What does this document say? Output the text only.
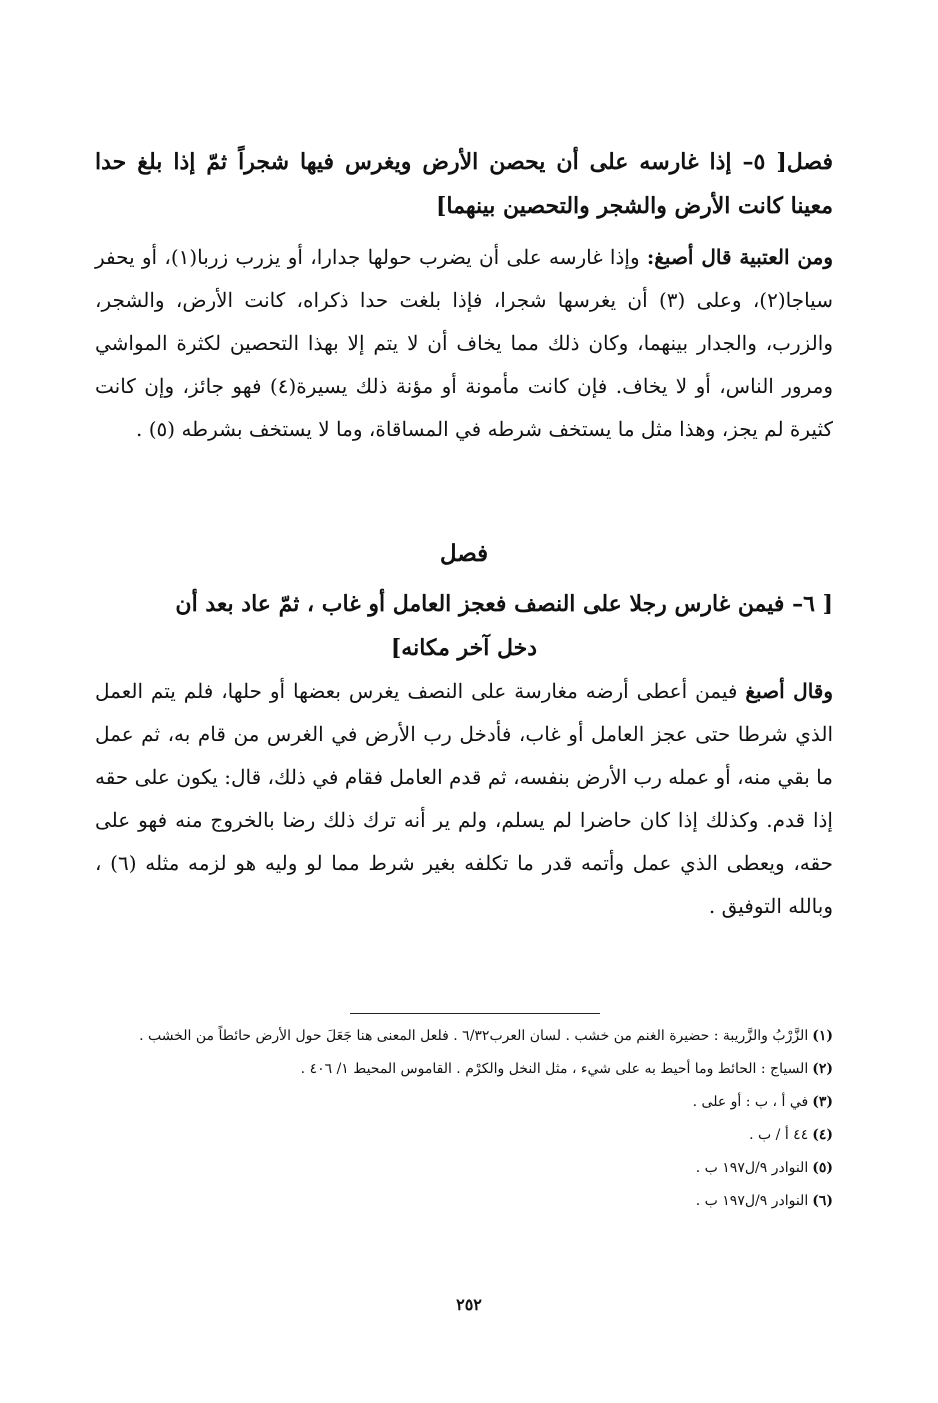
فصل[ ٥– إذا غارسه على أن يحصن الأرض ويغرس فيها شجراً ثمّ إذا بلغ حدا معينا كانت الأرض والشجر والتحصين بينهما]
ومن العتبية قال أصبغ: وإذا غارسه على أن يضرب حولها جدارا، أو يزرب زربا(١)، أو يحفر سياجا(٢)، وعلى (٣) أن يغرسها شجرا، فإذا بلغت حدا ذكراه، كانت الأرض، والشجر، والزرب، والجدار بينهما، وكان ذلك مما يخاف أن لا يتم إلا بهذا التحصين لكثرة المواشي ومرور الناس، أو لا يخاف. فإن كانت مأمونة أو مؤنة ذلك يسيرة(٤) فهو جائز، وإن كانت كثيرة لم يجز، وهذا مثل ما يستخف شرطه في المساقاة، وما لا يستخف بشرطه (٥) .
فصل
[ ٦– فيمن غارس رجلا على النصف فعجز العامل أو غاب ، ثمّ عاد بعد أن
دخل آخر مكانه]
وقال أصبغ فيمن أعطى أرضه مغارسة على النصف يغرس بعضها أو حلها، فلم يتم العمل الذي شرطا حتى عجز العامل أو غاب، فأدخل رب الأرض في الغرس من قام به، ثم عمل ما بقي منه، أو عمله رب الأرض بنفسه، ثم قدم العامل فقام في ذلك، قال: يكون على حقه إذا قدم. وكذلك إذا كان حاضرا لم يسلم، ولم ير أنه ترك ذلك رضا بالخروج منه فهو على حقه، ويعطى الذي عمل وأتمه قدر ما تكلفه بغير شرط مما لو وليه هو لزمه مثله (٦) ، وبالله التوفيق .
(١)الزَّرْبُ والزَّريبة : حضيرة الغنم من خشب . لسان العرب٦/٣٢ . فلعل المعنى هنا جَعَلَ حول الأرض حائطاً من الخشب .
(٢)السياج : الحائط وما أحيط به على شيء ، مثل النخل والكرْم . القاموس المحيط ١/ ٤٠٦ .
(٣)في أ ، ب : أو على .
(٤)٤٤ أ / ب .
(٥)النوادر ٩/ل١٩٧ ب .
(٦)النوادر ٩/ل١٩٧ ب .
٢٥٢
